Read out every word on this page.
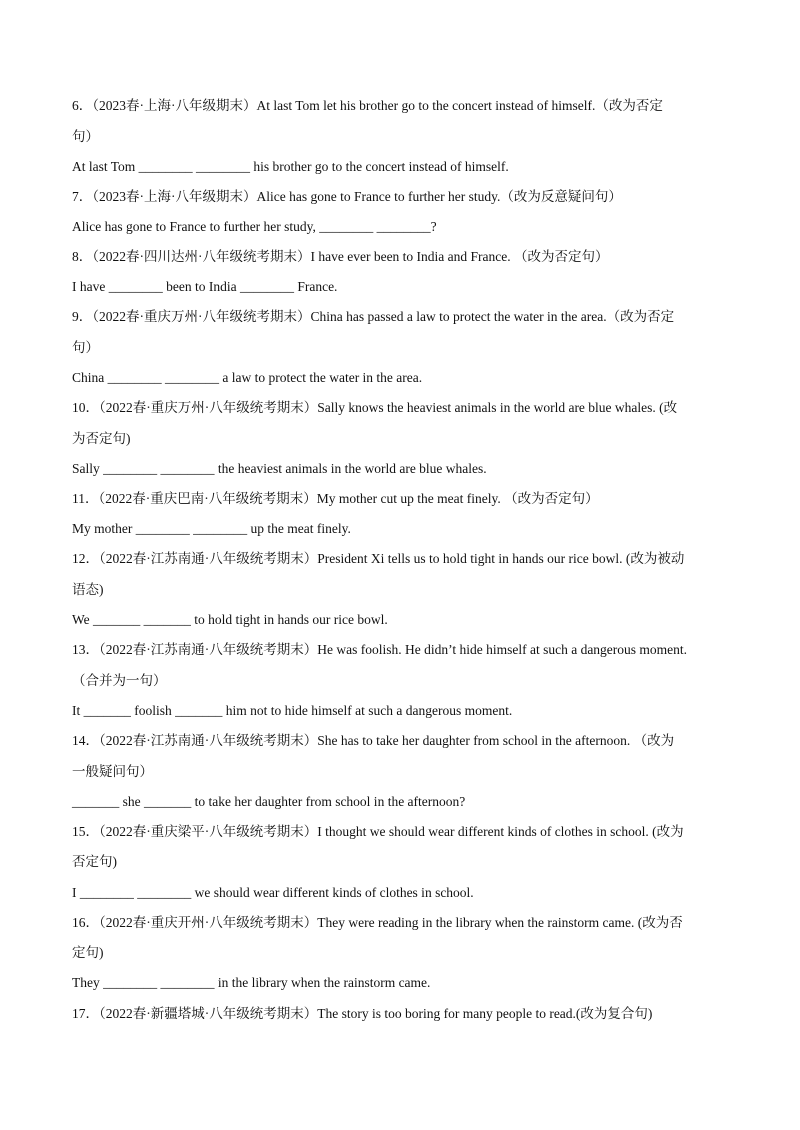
6．（2023春·上海·八年级期末）At last Tom let his brother go to the concert instead of himself.（改为否定
句）
At last Tom ________ ________ his brother go to the concert instead of himself.
7．（2023春·上海·八年级期末）Alice has gone to France to further her study.（改为反意疑问句）
Alice has gone to France to further her study, ________ ________?
8．（2022春·四川达州·八年级统考期末）I have ever been to India and France. （改为否定句）
I have ________ been to India ________ France.
9．（2022春·重庆万州·八年级统考期末）China has passed a law to protect the water in the area.（改为否定
句）
China ________ ________ a law to protect the water in the area.
10．（2022春·重庆万州·八年级统考期末）Sally knows the heaviest animals in the world are blue whales. (改
为否定句)
Sally ________ ________ the heaviest animals in the world are blue whales.
11．（2022春·重庆巴南·八年级统考期末）My mother cut up the meat finely. （改为否定句）
My mother ________ ________ up the meat finely.
12．（2022春·江苏南通·八年级统考期末）President Xi tells us to hold tight in hands our rice bowl. (改为被动
语态)
We _______ _______ to hold tight in hands our rice bowl.
13．（2022春·江苏南通·八年级统考期末）He was foolish. He didn’t hide himself at such a dangerous moment.
（合并为一句）
It _______ foolish _______ him not to hide himself at such a dangerous moment.
14．（2022春·江苏南通·八年级统考期末）She has to take her daughter from school in the afternoon. （改为
一般疑问句）
_______ she _______ to take her daughter from school in the afternoon?
15．（2022春·重庆梁平·八年级统考期末）I thought we should wear different kinds of clothes in school. (改为
否定句)
I ________ ________ we should wear different kinds of clothes in school.
16．（2022春·重庆开州·八年级统考期末）They were reading in the library when the rainstorm came. (改为否
定句)
They ________ ________ in the library when the rainstorm came.
17．（2022春·新疆塔城·八年级统考期末）The story is too boring for many people to read.(改为复合句)
